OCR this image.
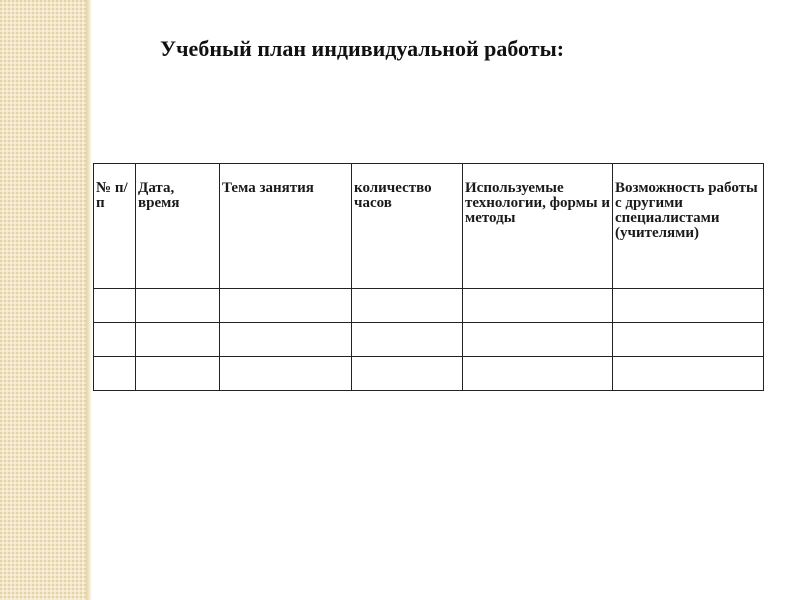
Учебный план индивидуальной работы:
№ п/п	Дата, время	Тема занятия	количество часов	Используемые технологии, формы и методы	Возможность работы с другими специалистами (учителями)
